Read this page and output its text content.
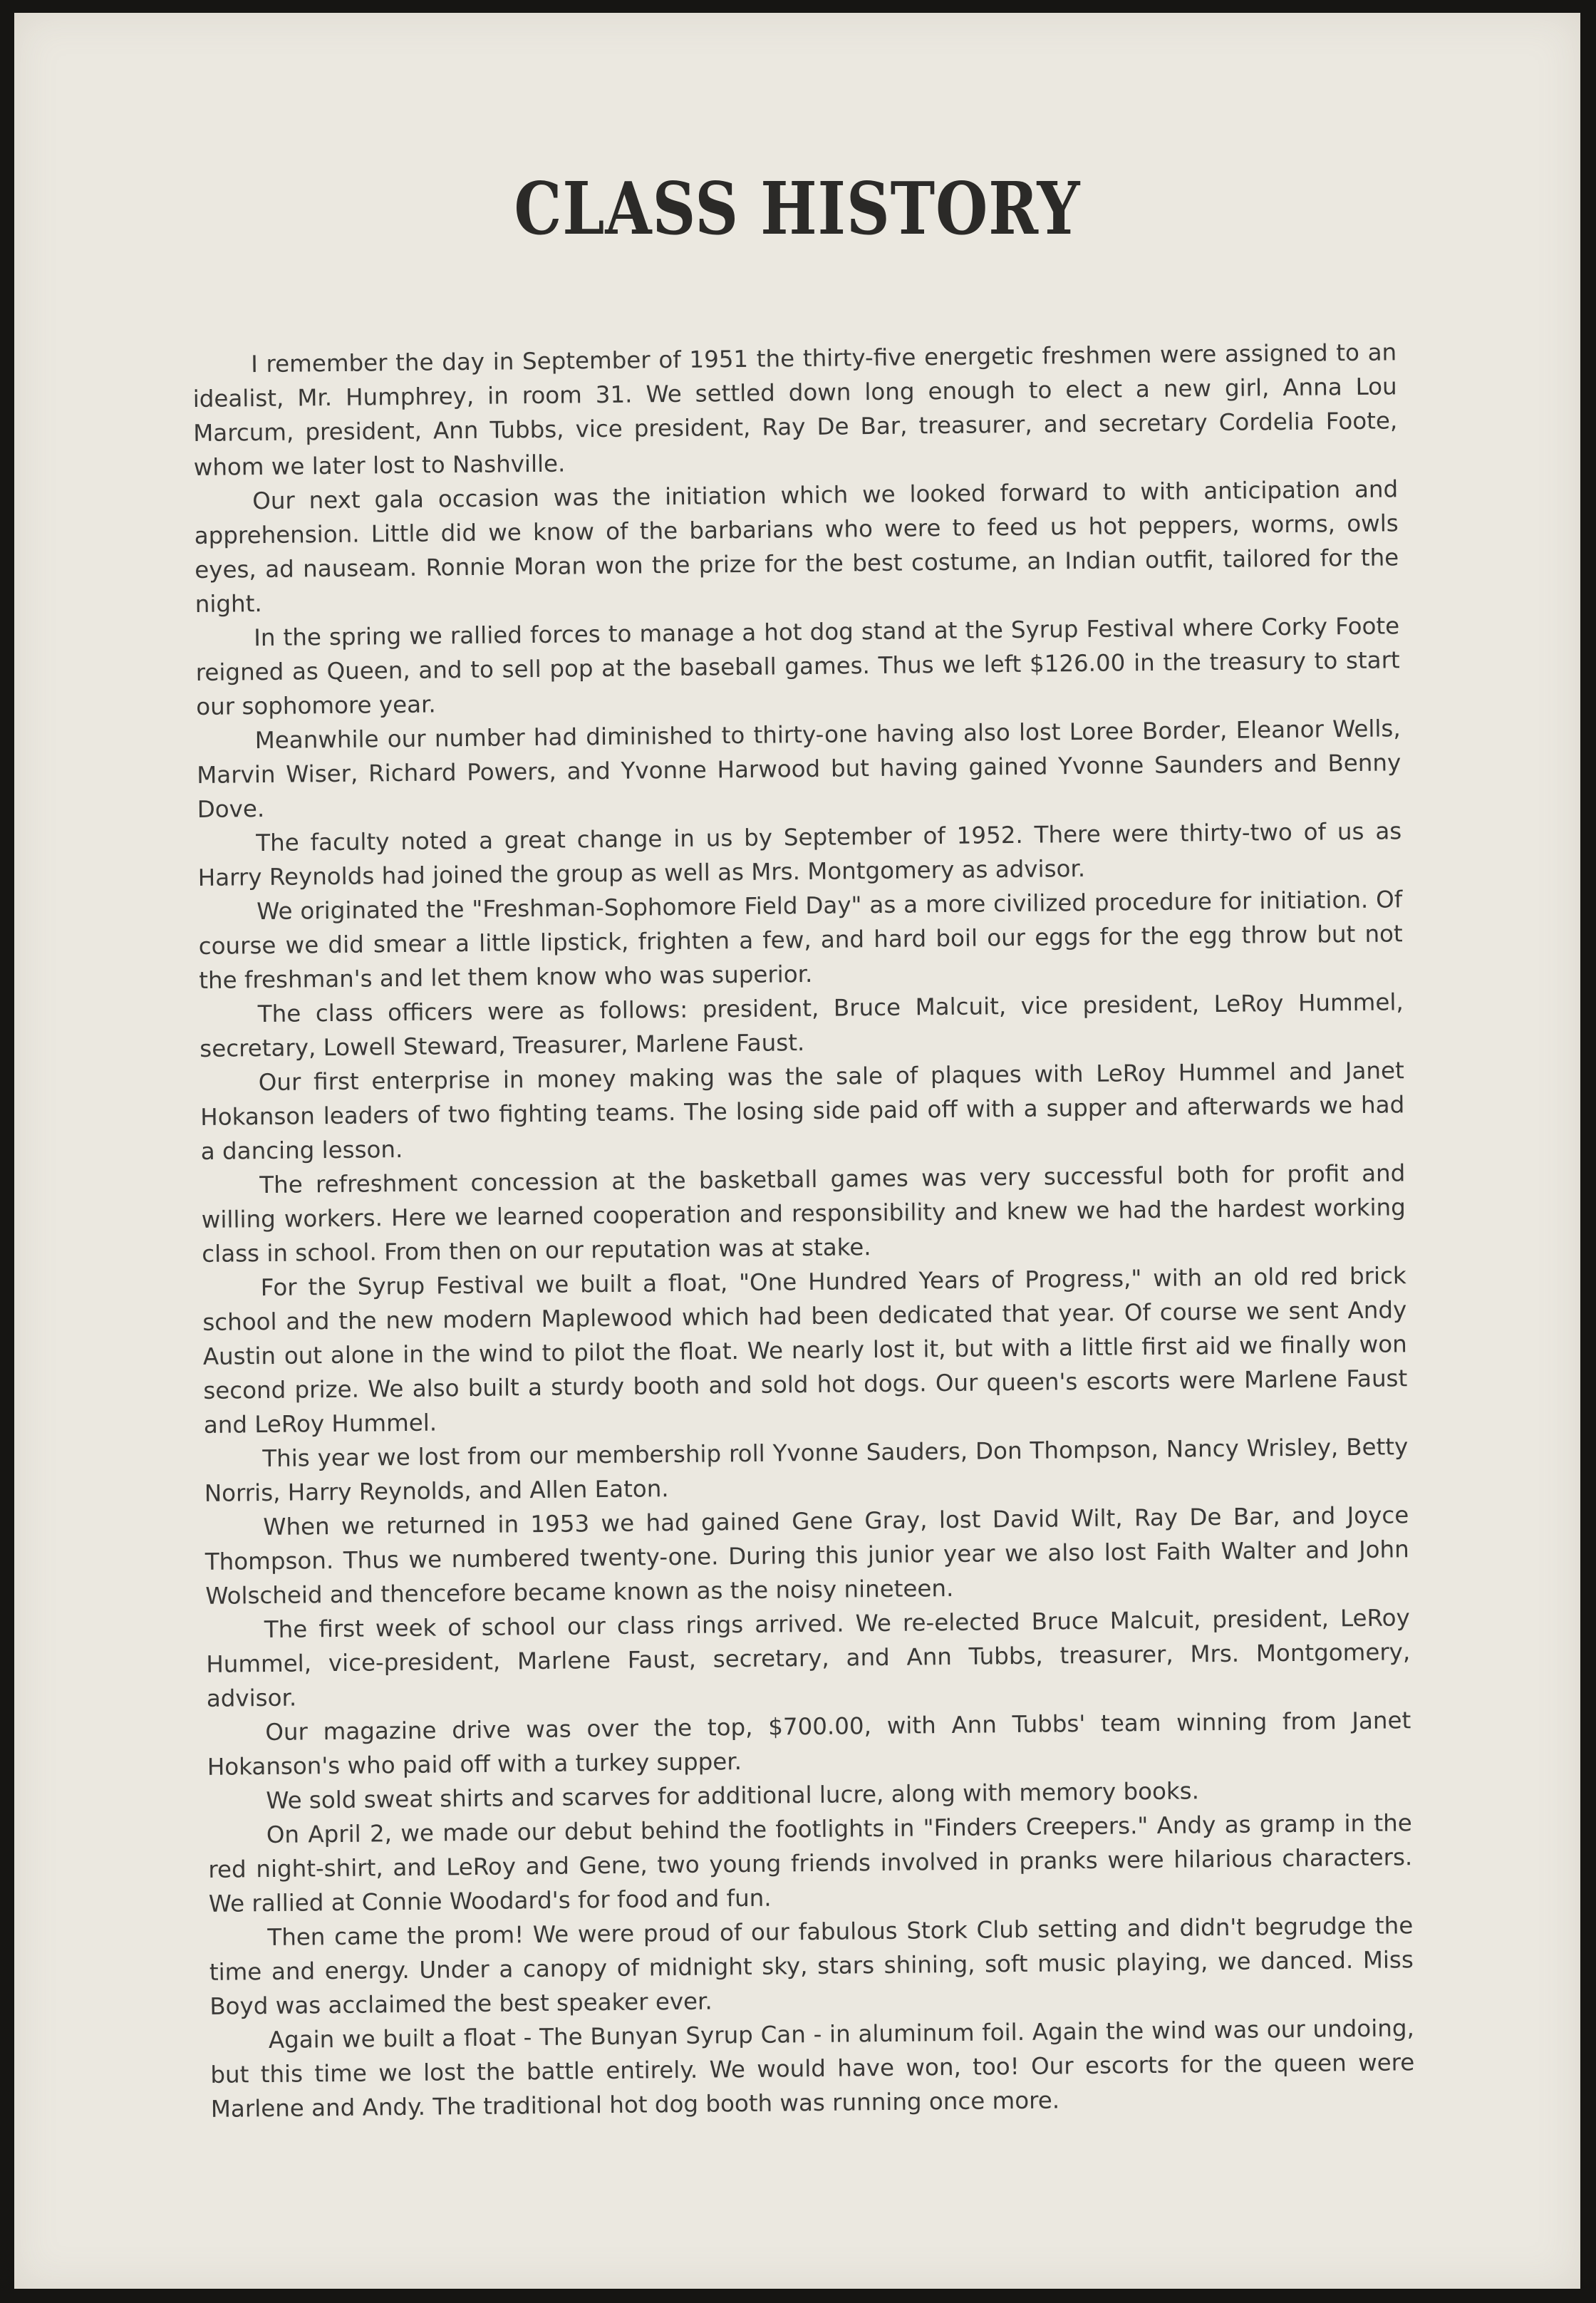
CLASS HISTORY

I remember the day in September of 1951 the thirty-five energetic freshmen were assigned to an idealist, Mr. Humphrey, in room 31. We settled down long enough to elect a new girl, Anna Lou Marcum, president, Ann Tubbs, vice president, Ray De Bar, treasurer, and secretary Cordelia Foote, whom we later lost to Nashville.

Our next gala occasion was the initiation which we looked forward to with anticipation and apprehension. Little did we know of the barbarians who were to feed us hot peppers, worms, owls eyes, ad nauseam. Ronnie Moran won the prize for the best costume, an Indian outfit, tailored for the night.

In the spring we rallied forces to manage a hot dog stand at the Syrup Festival where Corky Foote reigned as Queen, and to sell pop at the baseball games. Thus we left $126.00 in the treasury to start our sophomore year.

Meanwhile our number had diminished to thirty-one having also lost Loree Border, Eleanor Wells, Marvin Wiser, Richard Powers, and Yvonne Harwood but having gained Yvonne Saunders and Benny Dove.

The faculty noted a great change in us by September of 1952. There were thirty-two of us as Harry Reynolds had joined the group as well as Mrs. Montgomery as advisor.

We originated the "Freshman-Sophomore Field Day" as a more civilized procedure for initiation. Of course we did smear a little lipstick, frighten a few, and hard boil our eggs for the egg throw but not the freshman's and let them know who was superior.

The class officers were as follows: president, Bruce Malcuit, vice president, LeRoy Hummel, secretary, Lowell Steward, Treasurer, Marlene Faust.

Our first enterprise in money making was the sale of plaques with LeRoy Hummel and Janet Hokanson leaders of two fighting teams. The losing side paid off with a supper and afterwards we had a dancing lesson.

The refreshment concession at the basketball games was very successful both for profit and willing workers. Here we learned cooperation and responsibility and knew we had the hardest working class in school. From then on our reputation was at stake.

For the Syrup Festival we built a float, "One Hundred Years of Progress," with an old red brick school and the new modern Maplewood which had been dedicated that year. Of course we sent Andy Austin out alone in the wind to pilot the float. We nearly lost it, but with a little first aid we finally won second prize. We also built a sturdy booth and sold hot dogs. Our queen's escorts were Marlene Faust and LeRoy Hummel.

This year we lost from our membership roll Yvonne Sauders, Don Thompson, Nancy Wrisley, Betty Norris, Harry Reynolds, and Allen Eaton.

When we returned in 1953 we had gained Gene Gray, lost David Wilt, Ray De Bar, and Joyce Thompson. Thus we numbered twenty-one. During this junior year we also lost Faith Walter and John Wolscheid and thencefore became known as the noisy nineteen.

The first week of school our class rings arrived. We re-elected Bruce Malcuit, president, LeRoy Hummel, vice-president, Marlene Faust, secretary, and Ann Tubbs, treasurer, Mrs. Montgomery, advisor.

Our magazine drive was over the top, $700.00, with Ann Tubbs' team winning from Janet Hokanson's who paid off with a turkey supper.

We sold sweat shirts and scarves for additional lucre, along with memory books.

On April 2, we made our debut behind the footlights in "Finders Creepers." Andy as gramp in the red night-shirt, and LeRoy and Gene, two young friends involved in pranks were hilarious characters. We rallied at Connie Woodard's for food and fun.

Then came the prom! We were proud of our fabulous Stork Club setting and didn't begrudge the time and energy. Under a canopy of midnight sky, stars shining, soft music playing, we danced. Miss Boyd was acclaimed the best speaker ever.

Again we built a float - The Bunyan Syrup Can - in aluminum foil. Again the wind was our undoing, but this time we lost the battle entirely. We would have won, too! Our escorts for the queen were Marlene and Andy. The traditional hot dog booth was running once more.
